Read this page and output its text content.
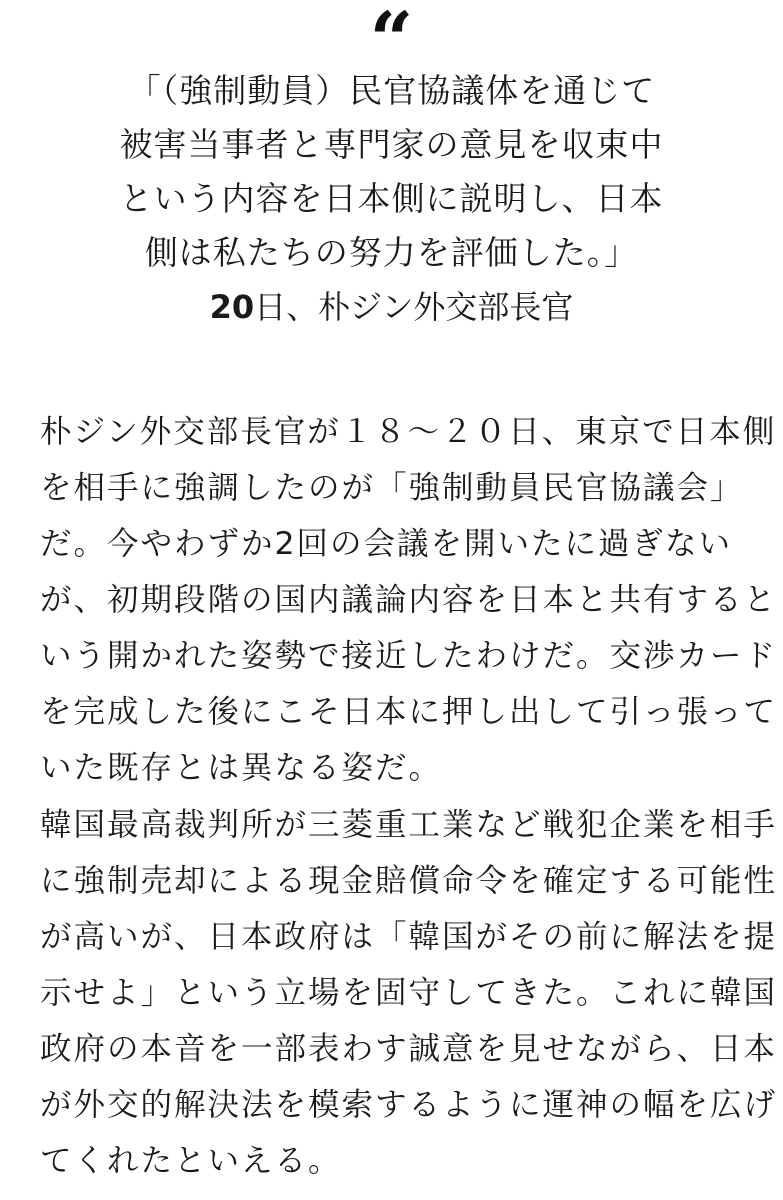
“
「（強制動員）民官協議体を通じて
被害当事者と専門家の意見を収束中
という内容を日本側に説明し、日本
側は私たちの努力を評価した。」
20日、朴ジン外交部長官
朴ジン外交部長官が１８～２０日、東京で日本側
を相手に強調したのが「強制動員民官協議会」
だ。今やわずか2回の会議を開いたに過ぎない
が、初期段階の国内議論内容を日本と共有すると
いう開かれた姿勢で接近したわけだ。交渉カード
を完成した後にこそ日本に押し出して引っ張って
いた既存とは異なる姿だ。
韓国最高裁判所が三菱重工業など戦犯企業を相手
に強制売却による現金賠償命令を確定する可能性
が高いが、日本政府は「韓国がその前に解法を提
示せよ」という立場を固守してきた。これに韓国
政府の本音を一部表わす誠意を見せながら、日本
が外交的解決法を模索するように運神の幅を広げ
てくれたといえる。
